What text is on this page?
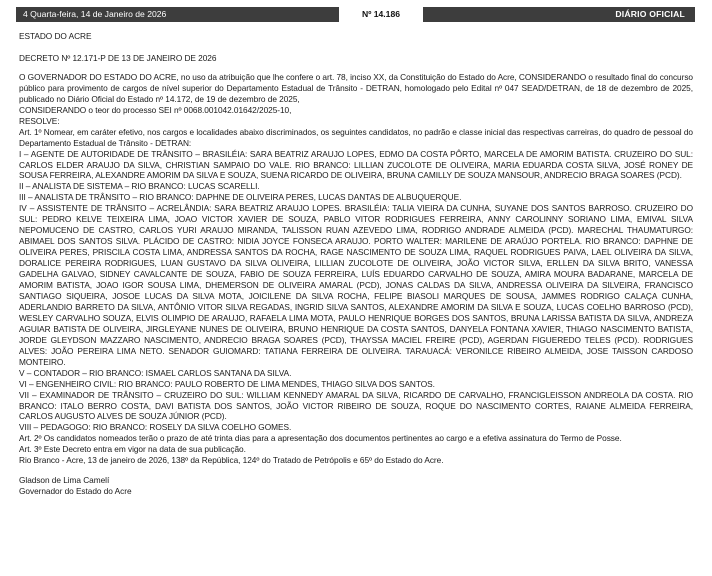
4 Quarta-feira, 14 de Janeiro de 2026	Nº 14.186	DIÁRIO OFICIAL

ESTADO DO ACRE

DECRETO Nº 12.171-P DE 13 DE JANEIRO DE 2026

O GOVERNADOR DO ESTADO DO ACRE, no uso da atribuição que lhe confere o art. 78, inciso XX, da Constituição do Estado do Acre, CONSIDERANDO o resultado final do concurso público para provimento de cargos de nível superior do Departamento Estadual de Trânsito - DETRAN, homologado pelo Edital nº 047 SEAD/DETRAN, de 18 de dezembro de 2025, publicado no Diário Oficial do Estado nº 14.172, de 19 de dezembro de 2025,

CONSIDERANDO o teor do processo SEI nº 0068.001042.01642/2025-10,

RESOLVE:

Art. 1º Nomear, em caráter efetivo, nos cargos e localidades abaixo discriminados, os seguintes candidatos, no padrão e classe inicial das respectivas carreiras, do quadro de pessoal do Departamento Estadual de Trânsito - DETRAN:

I – AGENTE DE AUTORIDADE DE TRÂNSITO – BRASILÉIA: SARA BEATRIZ ARAUJO LOPES, EDMO DA COSTA PÔRTO, MARCELA DE AMORIM BATISTA. CRUZEIRO DO SUL: CARLOS ELDER ARAUJO DA SILVA, CHRISTIAN SAMPAIO DO VALE. RIO BRANCO: LILLIAN ZUCOLOTE DE OLIVEIRA, MARIA EDUARDA COSTA SILVA, JOSÉ RONEY DE SOUSA FERREIRA, ALEXANDRE AMORIM DA SILVA E SOUZA, SUENA RICARDO DE OLIVEIRA, BRUNA CAMILLY DE SOUZA MANSOUR, ANDRECIO BRAGA SOARES (PCD).

II – ANALISTA DE SISTEMA – RIO BRANCO: LUCAS SCARELLI.

III – ANALISTA DE TRÂNSITO – RIO BRANCO: DAPHNE DE OLIVEIRA PERES, LUCAS DANTAS DE ALBUQUERQUE.

IV – ASSISTENTE DE TRÂNSITO – ACRELÂNDIA: SARA BEATRIZ ARAUJO LOPES. BRASILÉIA: TALIA VIEIRA DA CUNHA, SUYANE DOS SANTOS BARROSO. CRUZEIRO DO SUL: PEDRO KELVE TEIXEIRA LIMA, JOAO VICTOR XAVIER DE SOUZA, PABLO VITOR RODRIGUES FERREIRA, ANNY CAROLINNY SORIANO LIMA, EMIVAL SILVA NEPOMUCENO DE CASTRO, CARLOS YURI ARAUJO MIRANDA, TALISSON RUAN AZEVEDO LIMA, RODRIGO ANDRADE ALMEIDA (PCD). MARECHAL THAUMATURGO: ABIMAEL DOS SANTOS SILVA. PLÁCIDO DE CASTRO: NIDIA JOYCE FONSECA ARAUJO. PORTO WALTER: MARILENE DE ARAÚJO PORTELA. RIO BRANCO: DAPHNE DE OLIVEIRA PERES, PRISCILA COSTA LIMA, ANDRESSA SANTOS DA ROCHA, RAGE NASCIMENTO DE SOUZA LIMA, RAQUEL RODRIGUES PAIVA, LAEL OLIVEIRA DA SILVA, DORALICE PEREIRA RODRIGUES, LUAN GUSTAVO DA SILVA OLIVEIRA, LILLIAN ZUCOLOTE DE OLIVEIRA, JOÃO VICTOR SILVA, ERLLEN DA SILVA BRITO, VANESSA GADELHA GALVAO, SIDNEY CAVALCANTE DE SOUZA, FABIO DE SOUZA FERREIRA, LUÍS EDUARDO CARVALHO DE SOUZA, AMIRA MOURA BADARANE, MARCELA DE AMORIM BATISTA, JOAO IGOR SOUSA LIMA, DHEMERSON DE OLIVEIRA AMARAL (PCD), JONAS CALDAS DA SILVA, ANDRESSA OLIVEIRA DA SILVEIRA, FRANCISCO SANTIAGO SIQUEIRA, JOSOE LUCAS DA SILVA MOTA, JOICILENE DA SILVA ROCHA, FELIPE BIASOLI MARQUES DE SOUSA, JAMMES RODRIGO CALAÇA CUNHA, ADERLANDIO BARRETO DA SILVA, ANTÔNIO VITOR SILVA REGADAS, INGRID SILVA SANTOS, ALEXANDRE AMORIM DA SILVA E SOUZA, LUCAS COELHO BARROSO (PCD), WESLEY CARVALHO SOUZA, ELVIS OLIMPIO DE ARAUJO, RAFAELA LIMA MOTA, PAULO HENRIQUE BORGES DOS SANTOS, BRUNA LARISSA BATISTA DA SILVA, ANDREZA AGUIAR BATISTA DE OLIVEIRA, JIRGLEYANE NUNES DE OLIVEIRA, BRUNO HENRIQUE DA COSTA SANTOS, DANYELA FONTANA XAVIER, THIAGO NASCIMENTO BATISTA, JORDE GLEYDSON MAZZARO NASCIMENTO, ANDRECIO BRAGA SOARES (PCD), THAYSSA MACIEL FREIRE (PCD), AGERDAN FIGUEREDO TELES (PCD). RODRIGUES ALVES: JOÃO PEREIRA LIMA NETO. SENADOR GUIOMARD: TATIANA FERREIRA DE OLIVEIRA. TARAUACÁ: VERONILCE RIBEIRO ALMEIDA, JOSE TAISSON CARDOSO MONTEIRO.

V – CONTADOR – RIO BRANCO: ISMAEL CARLOS SANTANA DA SILVA.

VI – ENGENHEIRO CIVIL: RIO BRANCO: PAULO ROBERTO DE LIMA MENDES, THIAGO SILVA DOS SANTOS.

VII – EXAMINADOR DE TRÂNSITO – CRUZEIRO DO SUL: WILLIAM KENNEDY AMARAL DA SILVA, RICARDO DE CARVALHO, FRANCIGLEISSON ANDREOLA DA COSTA. RIO BRANCO: ITALO BERRO COSTA, DAVI BATISTA DOS SANTOS, JOÃO VICTOR RIBEIRO DE SOUZA, ROQUE DO NASCIMENTO CORTES, RAIANE ALMEIDA FERREIRA, CARLOS AUGUSTO ALVES DE SOUZA JÚNIOR (PCD).

VIII – PEDAGOGO: RIO BRANCO: ROSELY DA SILVA COELHO GOMES.

Art. 2º Os candidatos nomeados terão o prazo de até trinta dias para a apresentação dos documentos pertinentes ao cargo e a efetiva assinatura do Termo de Posse.

Art. 3º Este Decreto entra em vigor na data de sua publicação.

Rio Branco - Acre, 13 de janeiro de 2026, 138º da República, 124º do Tratado de Petrópolis e 65º do Estado do Acre.

Gladson de Lima Camelí

Governador do Estado do Acre
